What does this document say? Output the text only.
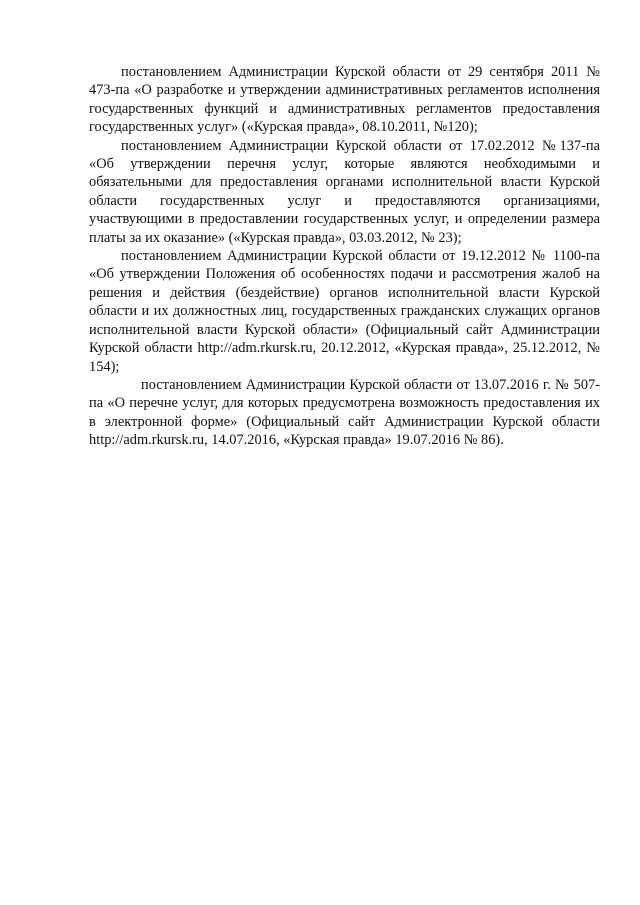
постановлением Администрации Курской области от 29 сентября 2011 № 473-па «О разработке и утверждении административных регламентов исполнения государственных функций и административных регламентов предоставления государственных услуг» («Курская правда», 08.10.2011, №120);

постановлением Администрации Курской области от 17.02.2012 №137-па «Об утверждении перечня услуг, которые являются необходимыми и обязательными для предоставления органами исполнительной власти Курской области государственных услуг и предоставляются организациями, участвующими в предоставлении государственных услуг, и определении размера платы за их оказание» («Курская правда», 03.03.2012, № 23);

постановлением Администрации Курской области от 19.12.2012 № 1100-па «Об утверждении Положения об особенностях подачи и рассмотрения жалоб на решения и действия (бездействие) органов исполнительной власти Курской области и их должностных лиц, государственных гражданских служащих органов исполнительной власти Курской области» (Официальный сайт Администрации Курской области http://adm.rkursk.ru, 20.12.2012, «Курская правда», 25.12.2012, № 154);

постановлением Администрации Курской области от 13.07.2016 г. № 507-па «О перечне услуг, для которых предусмотрена возможность предоставления их в электронной форме» (Официальный сайт Администрации Курской области http://adm.rkursk.ru, 14.07.2016, «Курская правда» 19.07.2016 № 86).
